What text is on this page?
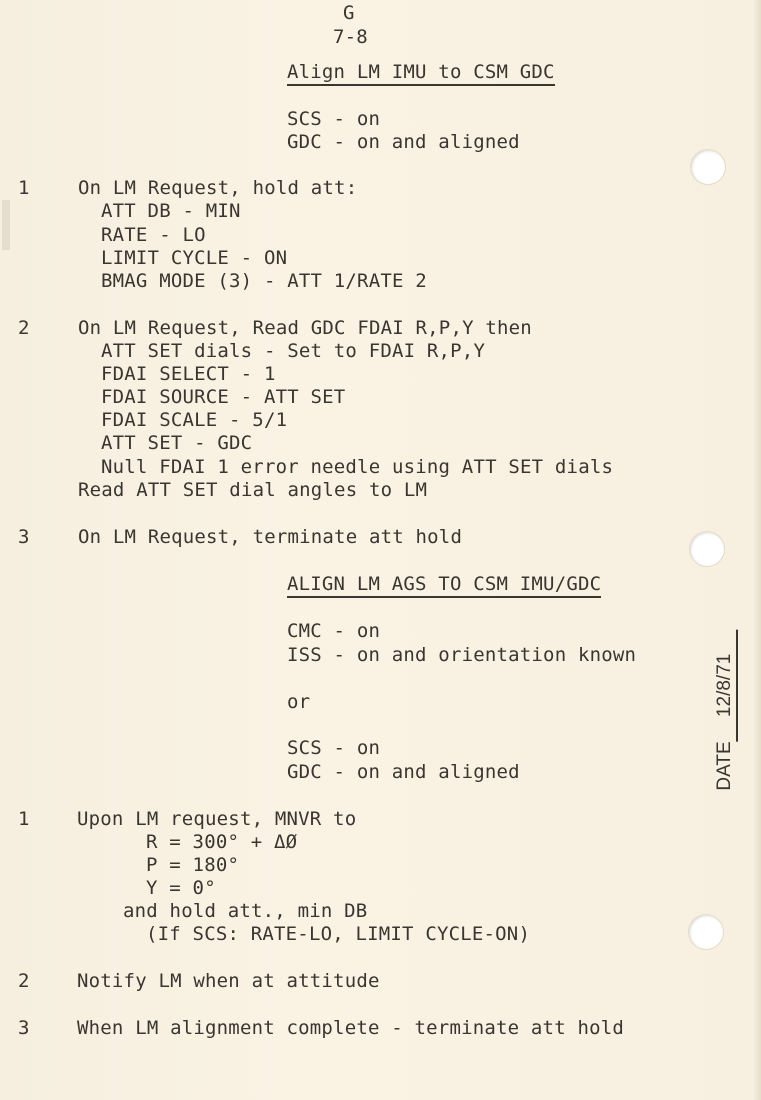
G
7-8
Align LM IMU to CSM GDC
SCS - on
GDC - on and aligned
1	On LM Request, hold att:
ATT DB - MIN
RATE - LO
LIMIT CYCLE - ON
BMAG MODE (3) - ATT 1/RATE 2
2	On LM Request, Read GDC FDAI R,P,Y then
ATT SET dials - Set to FDAI R,P,Y
FDAI SELECT - 1
FDAI SOURCE - ATT SET
FDAI SCALE - 5/1
ATT SET - GDC
Null FDAI 1 error needle using ATT SET dials
Read ATT SET dial angles to LM
3	On LM Request, terminate att hold
ALIGN LM AGS TO CSM IMU/GDC
CMC - on
ISS - on and orientation known
or
SCS - on
GDC - on and aligned
1 Upon LM request, MNVR to
R = 300° + ΔØ
P = 180°
Y = 0°
and hold att., min DB
(If SCS: RATE-LO, LIMIT CYCLE-ON)
2 Notify LM when at attitude
3 When LM alignment complete - terminate att hold
DATE12/8/71
